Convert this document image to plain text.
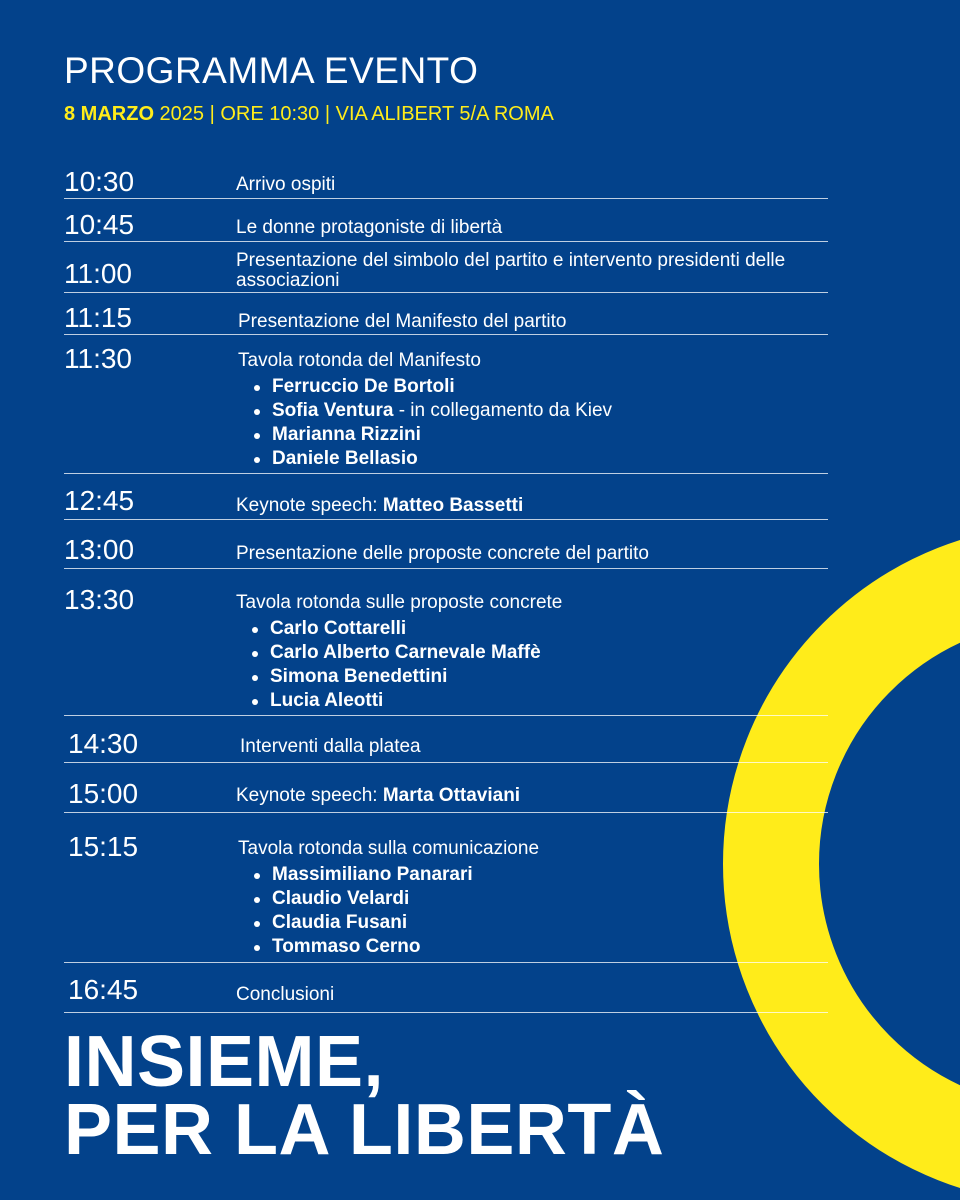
PROGRAMMA EVENTO

8 MARZO 2025 | ORE 10:30 | VIA ALIBERT 5/A ROMA

10:30	Arrivo ospiti
10:45	Le donne protagoniste di libertà
11:00	Presentazione del simbolo del partito e intervento presidenti delle associazioni
11:15	Presentazione del Manifesto del partito
11:30	Tavola rotonda del Manifesto
Ferruccio De Bortoli
Sofia Ventura - in collegamento da Kiev
Marianna Rizzini
Daniele Bellasio
12:45	Keynote speech: Matteo Bassetti
13:00	Presentazione delle proposte concrete del partito
13:30	Tavola rotonda sulle proposte concrete
Carlo Cottarelli
Carlo Alberto Carnevale Maffè
Simona Benedettini
Lucia Aleotti
14:30	Interventi dalla platea
15:00	Keynote speech: Marta Ottaviani
15:15	Tavola rotonda sulla comunicazione
Massimiliano Panarari
Claudio Velardi
Claudia Fusani
Tommaso Cerno
16:45	Conclusioni
INSIEME,
PER LA LIBERTÀ
